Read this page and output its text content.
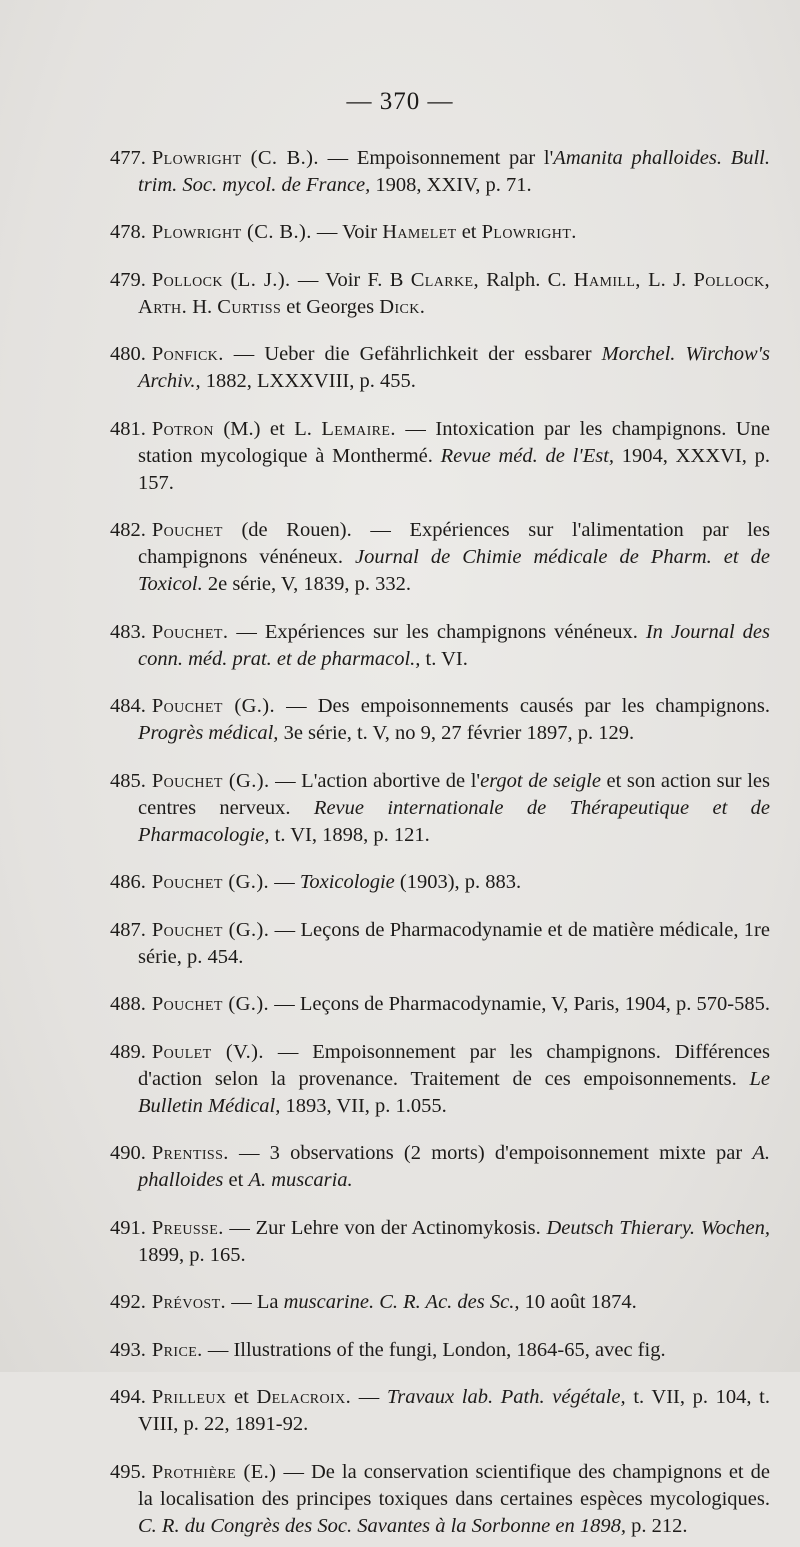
— 370 —

477. Plowright (C. B.). — Empoisonnement par l'Amanita phalloides. Bull. trim. Soc. mycol. de France, 1908, XXIV, p. 71.

478. Plowright (C. B.). — Voir Hamelet et Plowright.

479. Pollock (L. J.). — Voir F. B Clarke, Ralph. C. Hamill, L. J. Pollock, Arth. H. Curtiss et Georges Dick.

480. Ponfick. — Ueber die Gefährlichkeit der essbarer Morchel. Wirchow's Archiv., 1882, LXXXVIII, p. 455.

481. Potron (M.) et L. Lemaire. — Intoxication par les champignons. Une station mycologique à Monthermé. Revue méd. de l'Est, 1904, XXXVI, p. 157.

482. Pouchet (de Rouen). — Expériences sur l'alimentation par les champignons vénéneux. Journal de Chimie médicale de Pharm. et de Toxicol. 2e série, V, 1839, p. 332.

483. Pouchet. — Expériences sur les champignons vénéneux. In Journal des conn. méd. prat. et de pharmacol., t. VI.

484. Pouchet (G.). — Des empoisonnements causés par les champignons. Progrès médical, 3e série, t. V, no 9, 27 février 1897, p. 129.

485. Pouchet (G.). — L'action abortive de l'ergot de seigle et son action sur les centres nerveux. Revue internationale de Thérapeutique et de Pharmacologie, t. VI, 1898, p. 121.

486. Pouchet (G.). — Toxicologie (1903), p. 883.

487. Pouchet (G.). — Leçons de Pharmacodynamie et de matière médicale, 1re série, p. 454.

488. Pouchet (G.). — Leçons de Pharmacodynamie, V, Paris, 1904, p. 570-585.

489. Poulet (V.). — Empoisonnement par les champignons. Différences d'action selon la provenance. Traitement de ces empoisonnements. Le Bulletin Médical, 1893, VII, p. 1.055.

490. Prentiss. — 3 observations (2 morts) d'empoisonnement mixte par A. phalloides et A. muscaria.

491. Preusse. — Zur Lehre von der Actinomykosis. Deutsch Thierary. Wochen, 1899, p. 165.

492. Prévost. — La muscarine. C. R. Ac. des Sc., 10 août 1874.

493. Price. — Illustrations of the fungi, London, 1864-65, avec fig.

494. Prilleux et Delacroix. — Travaux lab. Path. végétale, t. VII, p. 104, t. VIII, p. 22, 1891-92.

495. Prothière (E.) — De la conservation scientifique des champignons et de la localisation des principes toxiques dans certaines espèces mycologiques. C. R. du Congrès des Soc. Savantes à la Sorbonne en 1898, p. 212.
